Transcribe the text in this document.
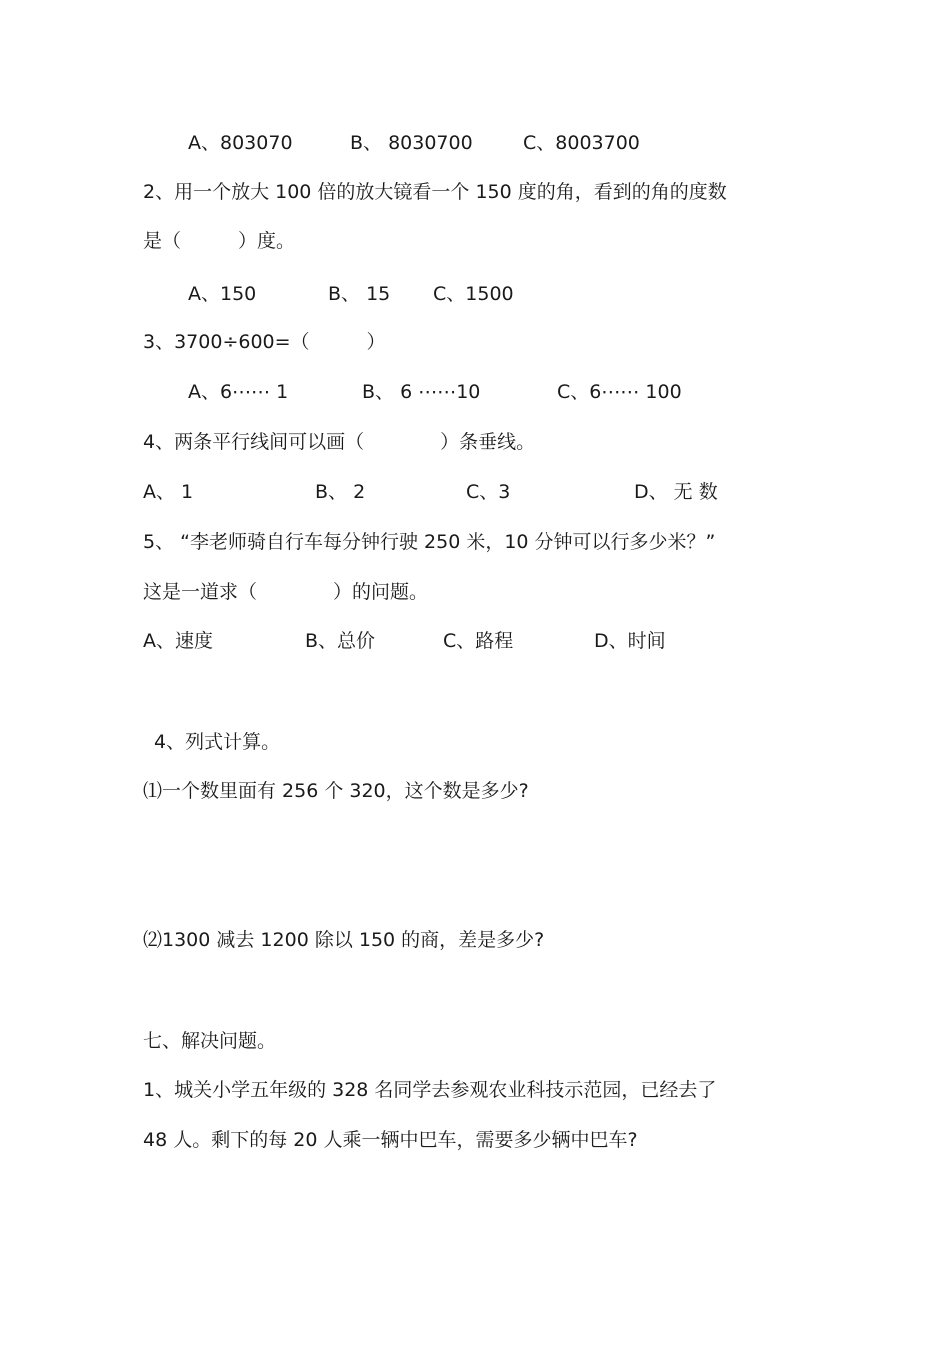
A、803070	B、 8030700	C、8003700
2、用一个放大 100 倍的放大镜看一个 150 度的角，看到的角的度数
是（　　　）度。
A、150	B、 15 C、1500
3、3700÷600=（　　　）
A、6⋯⋯ 1	B、 6 ⋯⋯10	C、6⋯⋯ 100
4、两条平行线间可以画（　　　　）条垂线。
A、 1	B、 2	C、3	D、 无 数
5、 “李老师骑自行车每分钟行驶 250 米，10 分钟可以行多少米？”
这是一道求（　　　　）的问题。
A、速度	B、总价	C、路程	D、时间
4、列式计算。
⑴一个数里面有 256 个 320，这个数是多少?
⑵1300 减去 1200 除以 150 的商，差是多少?
七、解决问题。
1、城关小学五年级的 328 名同学去参观农业科技示范园，已经去了
48 人。剩下的每 20 人乘一辆中巴车，需要多少辆中巴车?
